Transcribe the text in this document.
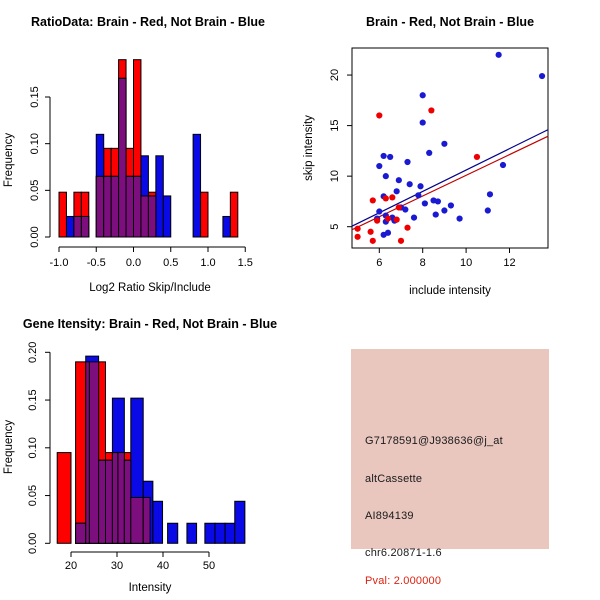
RatioData: Brain - Red, Not Brain - Blue
Log2 Ratio Skip/Include
Frequency
0.00
0.05
0.10
0.15
-1.0 -0.5 0.0 0.5 1.0 1.5
Brain - Red, Not Brain - Blue
include intensity
skip intensity
6	8	10	12
5
10
15
20
Gene Itensity: Brain - Red, Not Brain - Blue
Intensity
Frequency
0.00
0.05
0.10
0.15
0.20
20	30	40	50
G7178591@J938636@j_at
altCassette
AI894139
chr6.20871-1.6
Pval: 2.000000
